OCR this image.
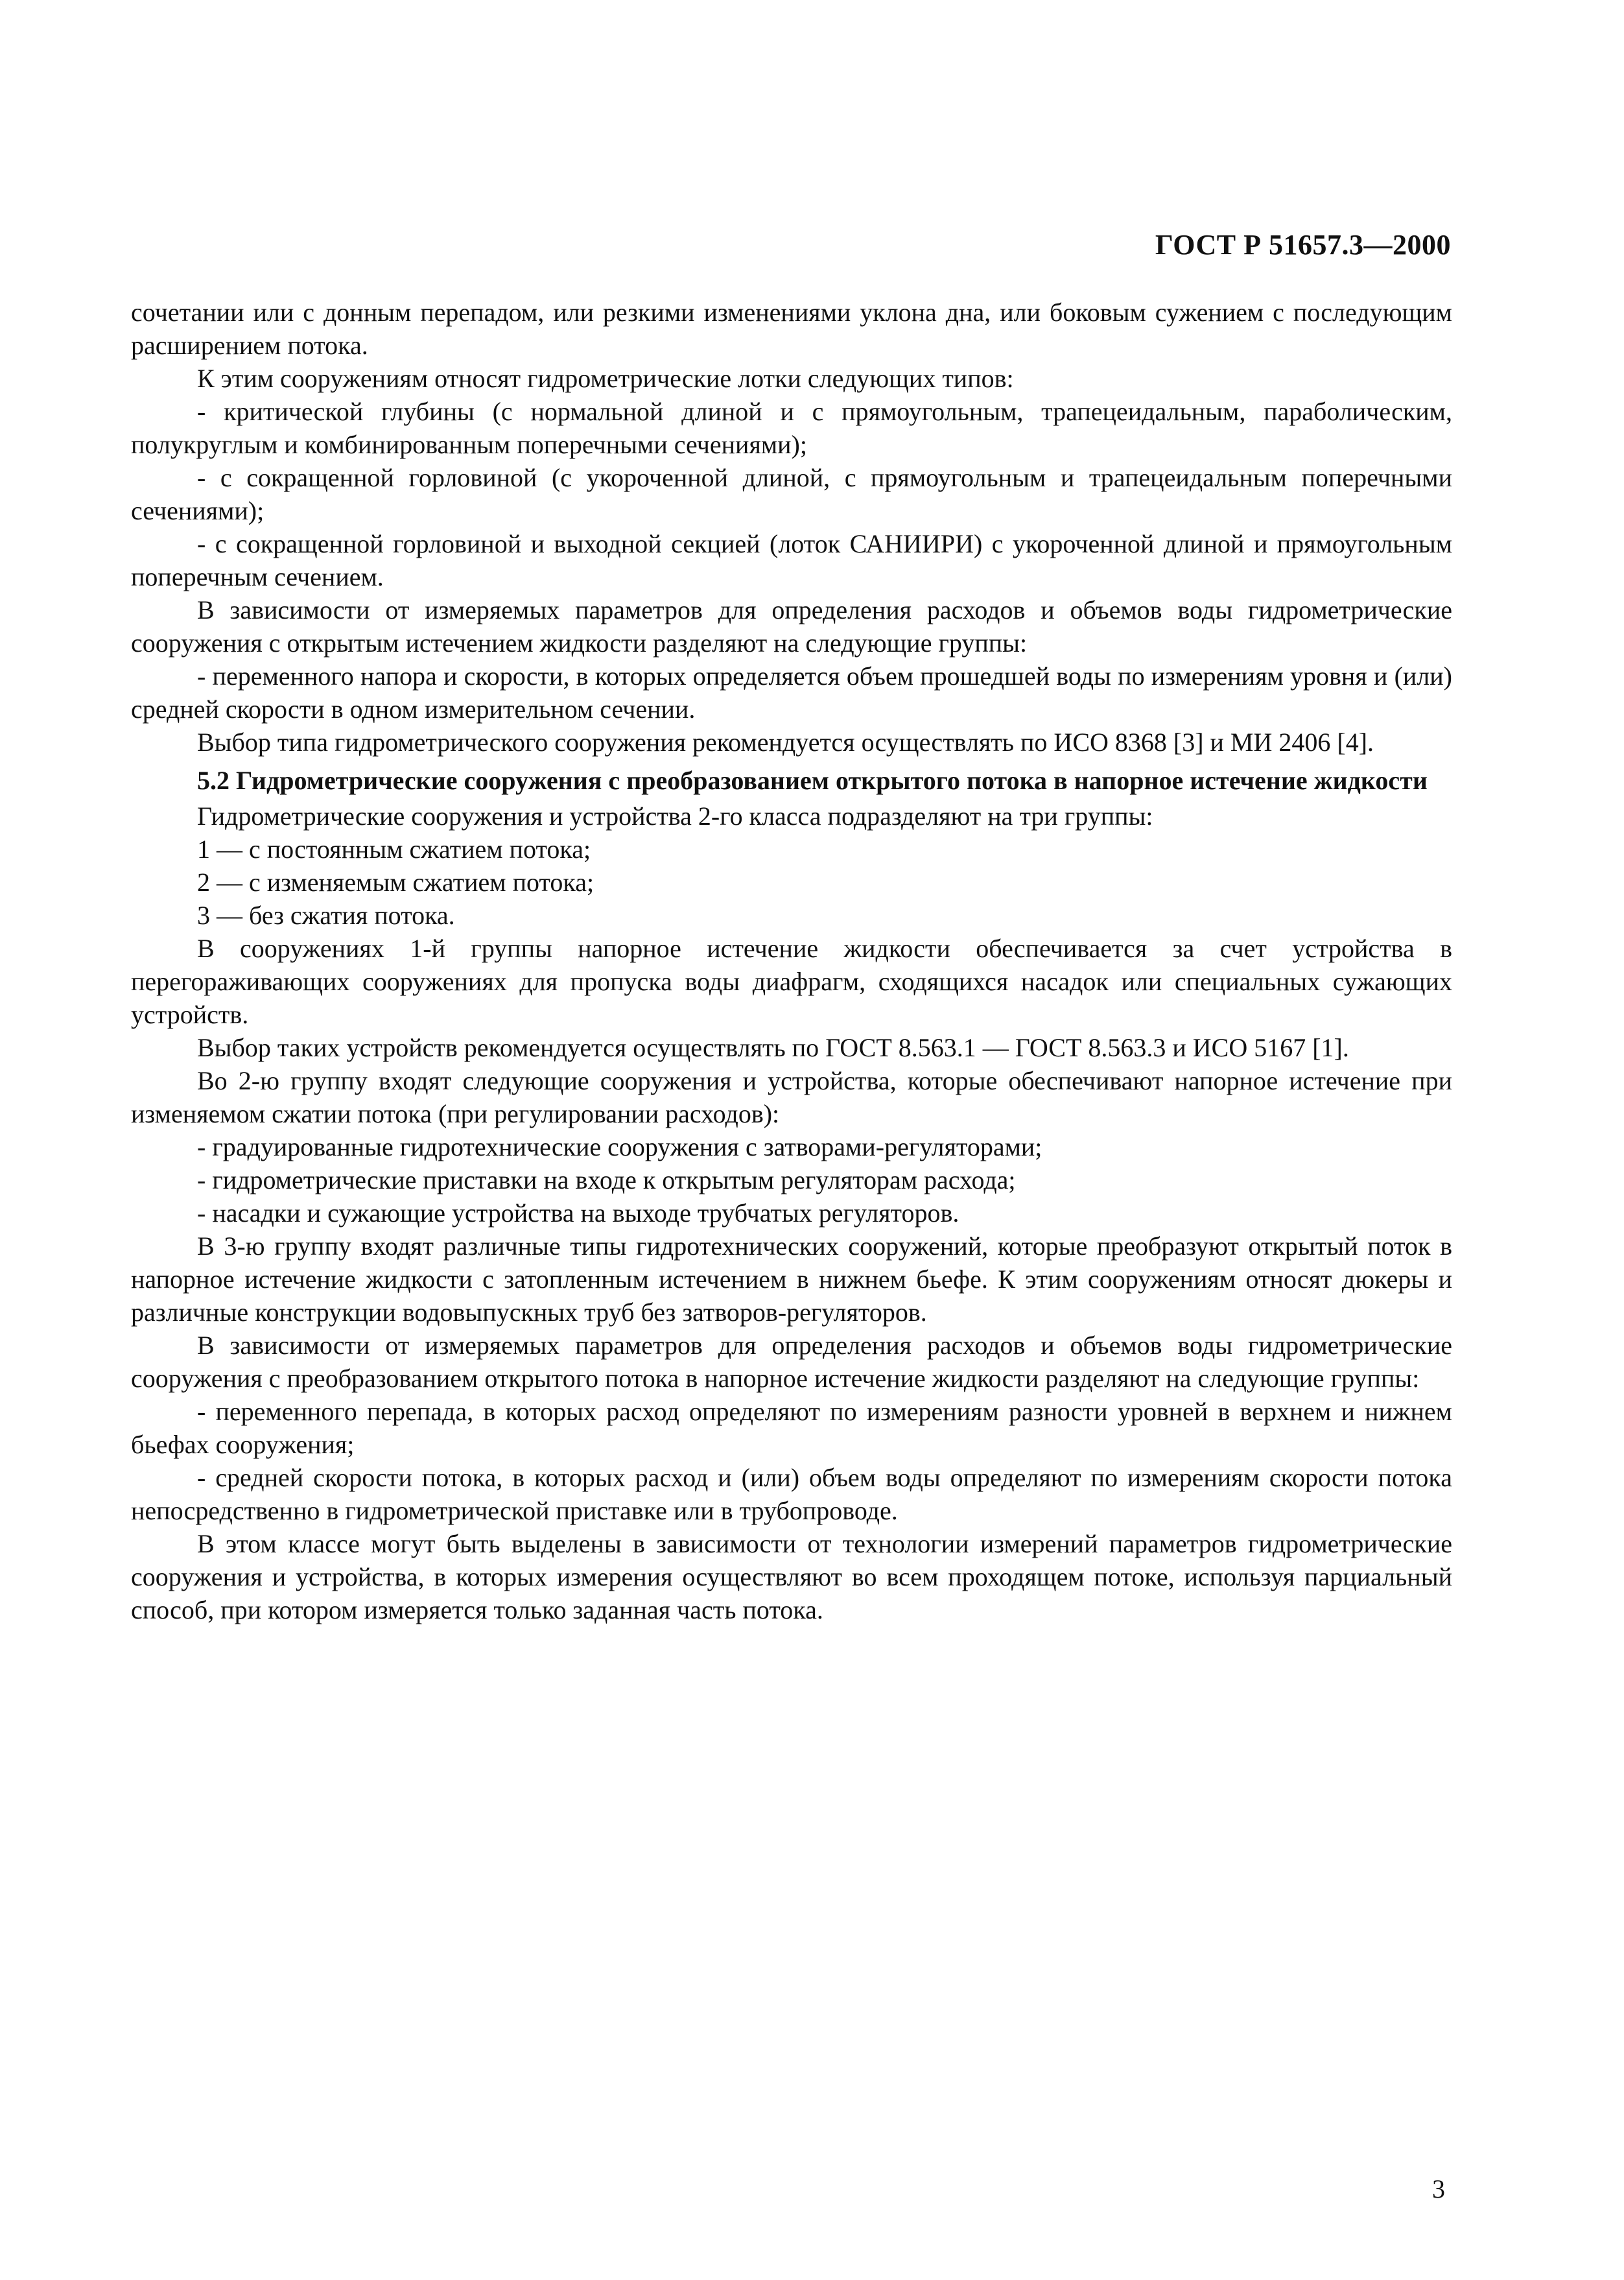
ГОСТ Р 51657.3—2000

сочетании или с донным перепадом, или резкими изменениями уклона дна, или боковым сужением с последующим расширением потока.

К этим сооружениям относят гидрометрические лотки следующих типов:

- критической глубины (с нормальной длиной и с прямоугольным, трапецеидальным, параболическим, полукруглым и комбинированным поперечными сечениями);

- с сокращенной горловиной (с укороченной длиной, с прямоугольным и трапецеидальным поперечными сечениями);

- с сокращенной горловиной и выходной секцией (лоток САНИИРИ) с укороченной длиной и прямоугольным поперечным сечением.

В зависимости от измеряемых параметров для определения расходов и объемов воды гидрометрические сооружения с открытым истечением жидкости разделяют на следующие группы:

- переменного напора и скорости, в которых определяется объем прошедшей воды по измерениям уровня и (или) средней скорости в одном измерительном сечении.

Выбор типа гидрометрического сооружения рекомендуется осуществлять по ИСО 8368 [3] и МИ 2406 [4].

5.2 Гидрометрические сооружения с преобразованием открытого потока в напорное истечение жидкости

Гидрометрические сооружения и устройства 2-го класса подразделяют на три группы:

1 — с постоянным сжатием потока;

2 — с изменяемым сжатием потока;

3 — без сжатия потока.

В сооружениях 1-й группы напорное истечение жидкости обеспечивается за счет устройства в перегораживающих сооружениях для пропуска воды диафрагм, сходящихся насадок или специальных сужающих устройств.

Выбор таких устройств рекомендуется осуществлять по ГОСТ 8.563.1 — ГОСТ 8.563.3 и ИСО 5167 [1].

Во 2-ю группу входят следующие сооружения и устройства, которые обеспечивают напорное истечение при изменяемом сжатии потока (при регулировании расходов):

- градуированные гидротехнические сооружения с затворами-регуляторами;

- гидрометрические приставки на входе к открытым регуляторам расхода;

- насадки и сужающие устройства на выходе трубчатых регуляторов.

В 3-ю группу входят различные типы гидротехнических сооружений, которые преобразуют открытый поток в напорное истечение жидкости с затопленным истечением в нижнем бьефе. К этим сооружениям относят дюкеры и различные конструкции водовыпускных труб без затворов-регуляторов.

В зависимости от измеряемых параметров для определения расходов и объемов воды гидрометрические сооружения с преобразованием открытого потока в напорное истечение жидкости разделяют на следующие группы:

- переменного перепада, в которых расход определяют по измерениям разности уровней в верхнем и нижнем бьефах сооружения;

- средней скорости потока, в которых расход и (или) объем воды определяют по измерениям скорости потока непосредственно в гидрометрической приставке или в трубопроводе.

В этом классе могут быть выделены в зависимости от технологии измерений параметров гидрометрические сооружения и устройства, в которых измерения осуществляют во всем проходящем потоке, используя парциальный способ, при котором измеряется только заданная часть потока.

3
